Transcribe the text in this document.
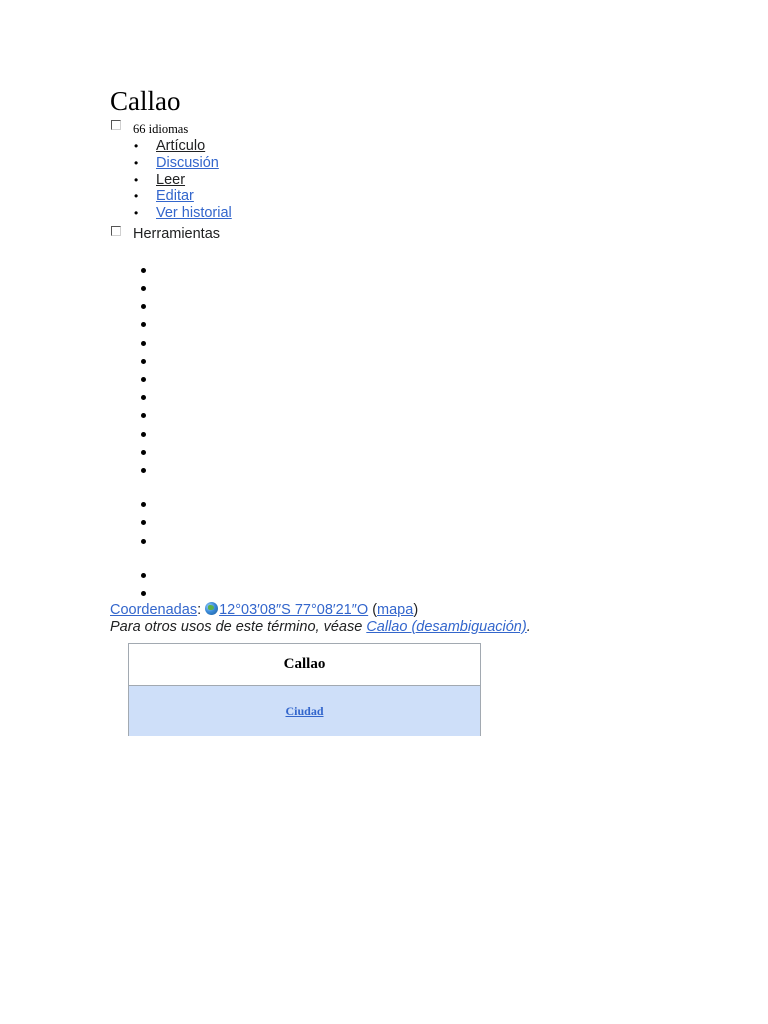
Callao
66 idiomas
• Artículo
• Discusión
• Leer
• Editar
• Ver historial
Herramientas
Coordenadas: 12°03′08″S 77°08′21″O (mapa)
Para otros usos de este término, véase Callao (desambiguación).
Callao
Ciudad
